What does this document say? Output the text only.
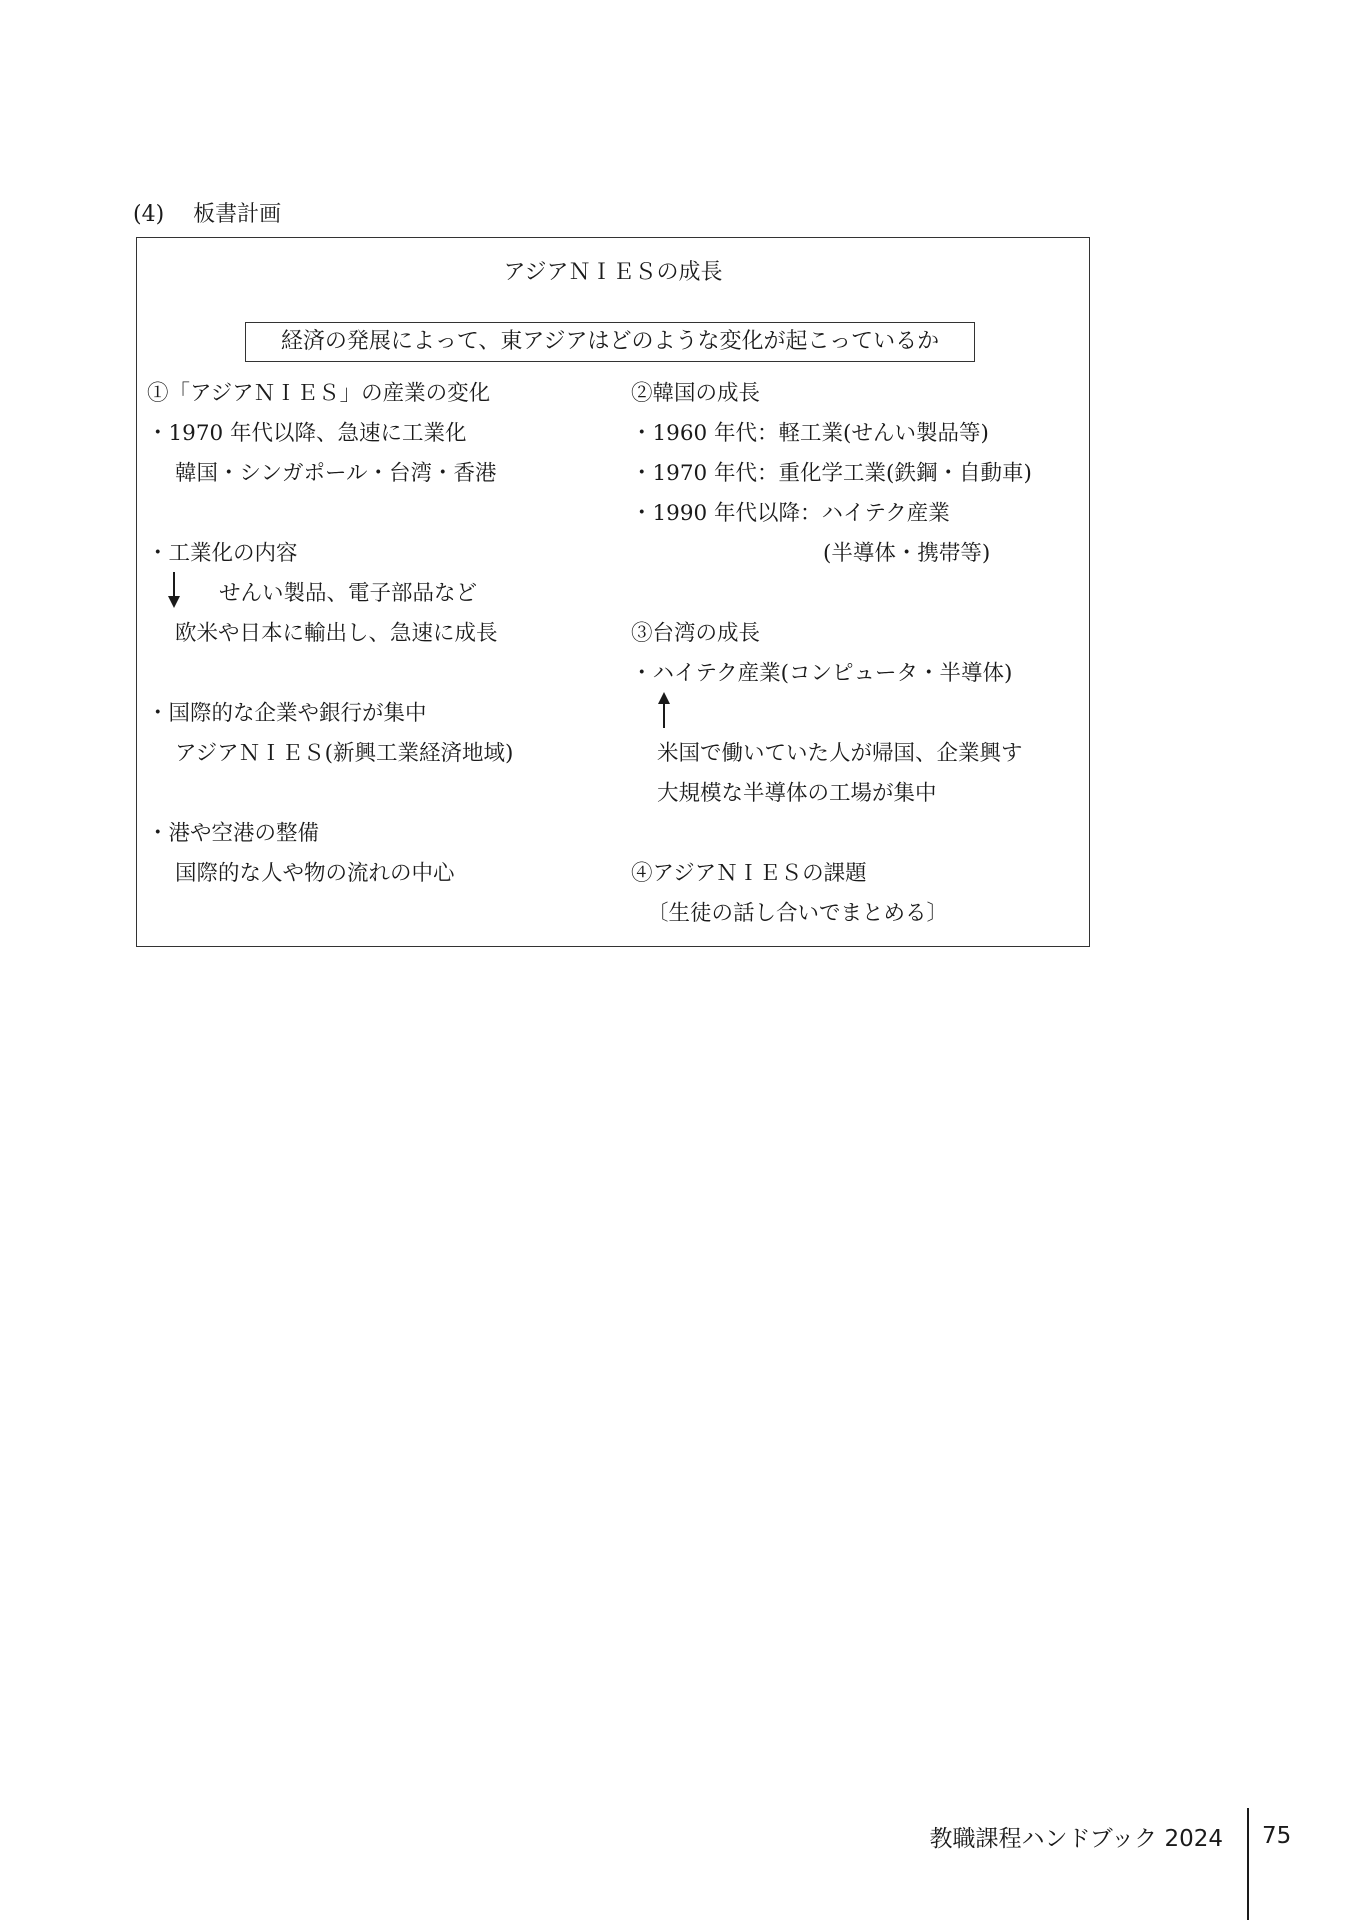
(4)　 板書計画
アジアＮＩＥＳの成長
経済の発展によって、東アジアはどのような変化が起こっているか
①「アジアＮＩＥＳ」の産業の変化
・1970 年代以降、急速に工業化
韓国・シンガポール・台湾・香港
・工業化の内容
せんい製品、電子部品など
欧米や日本に輸出し、急速に成長
・国際的な企業や銀行が集中
アジアＮＩＥＳ(新興工業経済地域)
・港や空港の整備
国際的な人や物の流れの中心
②韓国の成長
・1960 年代：軽工業(せんい製品等)
・1970 年代：重化学工業(鉄鋼・自動車)
・1990 年代以降：ハイテク産業
(半導体・携帯等)
③台湾の成長
・ハイテク産業(コンピュータ・半導体)
米国で働いていた人が帰国、企業興す
大規模な半導体の工場が集中
④アジアＮＩＥＳの課題
〔生徒の話し合いでまとめる〕
教職課程ハンドブック 2024	75
